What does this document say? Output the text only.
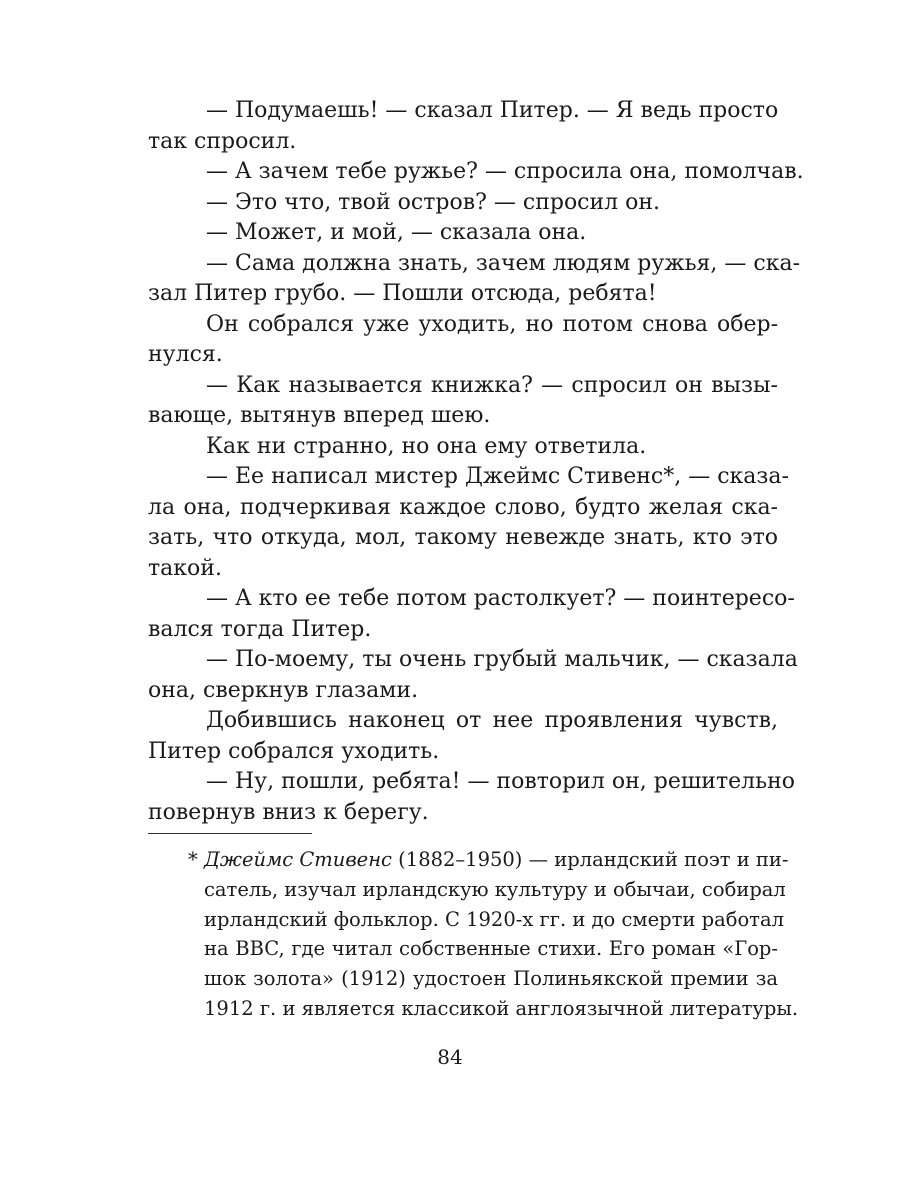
— Подумаешь! — сказал Питер. — Я ведь просто
так спросил.
— А зачем тебе ружье? — спросила она, помолчав.
— Это что, твой остров? — спросил он.
— Может, и мой, — сказала она.
— Сама должна знать, зачем людям ружья, — ска-
зал Питер грубо. — Пошли отсюда, ребята!
Он собрался уже уходить, но потом снова обер-
нулся.
— Как называется книжка? — спросил он вызы-
вающе, вытянув вперед шею.
Как ни странно, но она ему ответила.
— Ее написал мистер Джеймс Стивенс*, — сказа-
ла она, подчеркивая каждое слово, будто желая ска-
зать, что откуда, мол, такому невежде знать, кто это
такой.
— А кто ее тебе потом растолкует? — поинтересо-
вался тогда Питер.
— По-моему, ты очень грубый мальчик, — сказала
она, сверкнув глазами.
Добившись наконец от нее проявления чувств,
Питер собрался уходить.
— Ну, пошли, ребята! — повторил он, решительно
повернув вниз к берегу.
* Джеймс Стивенс (1882–1950) — ирландский поэт и пи-
сатель, изучал ирландскую культуру и обычаи, собирал
ирландский фольклор. С 1920-х гг. и до смерти работал
на BBC, где читал собственные стихи. Его роман «Гор-
шок золота» (1912) удостоен Полиньякской премии за
1912 г. и является классикой англоязычной литературы.
84
